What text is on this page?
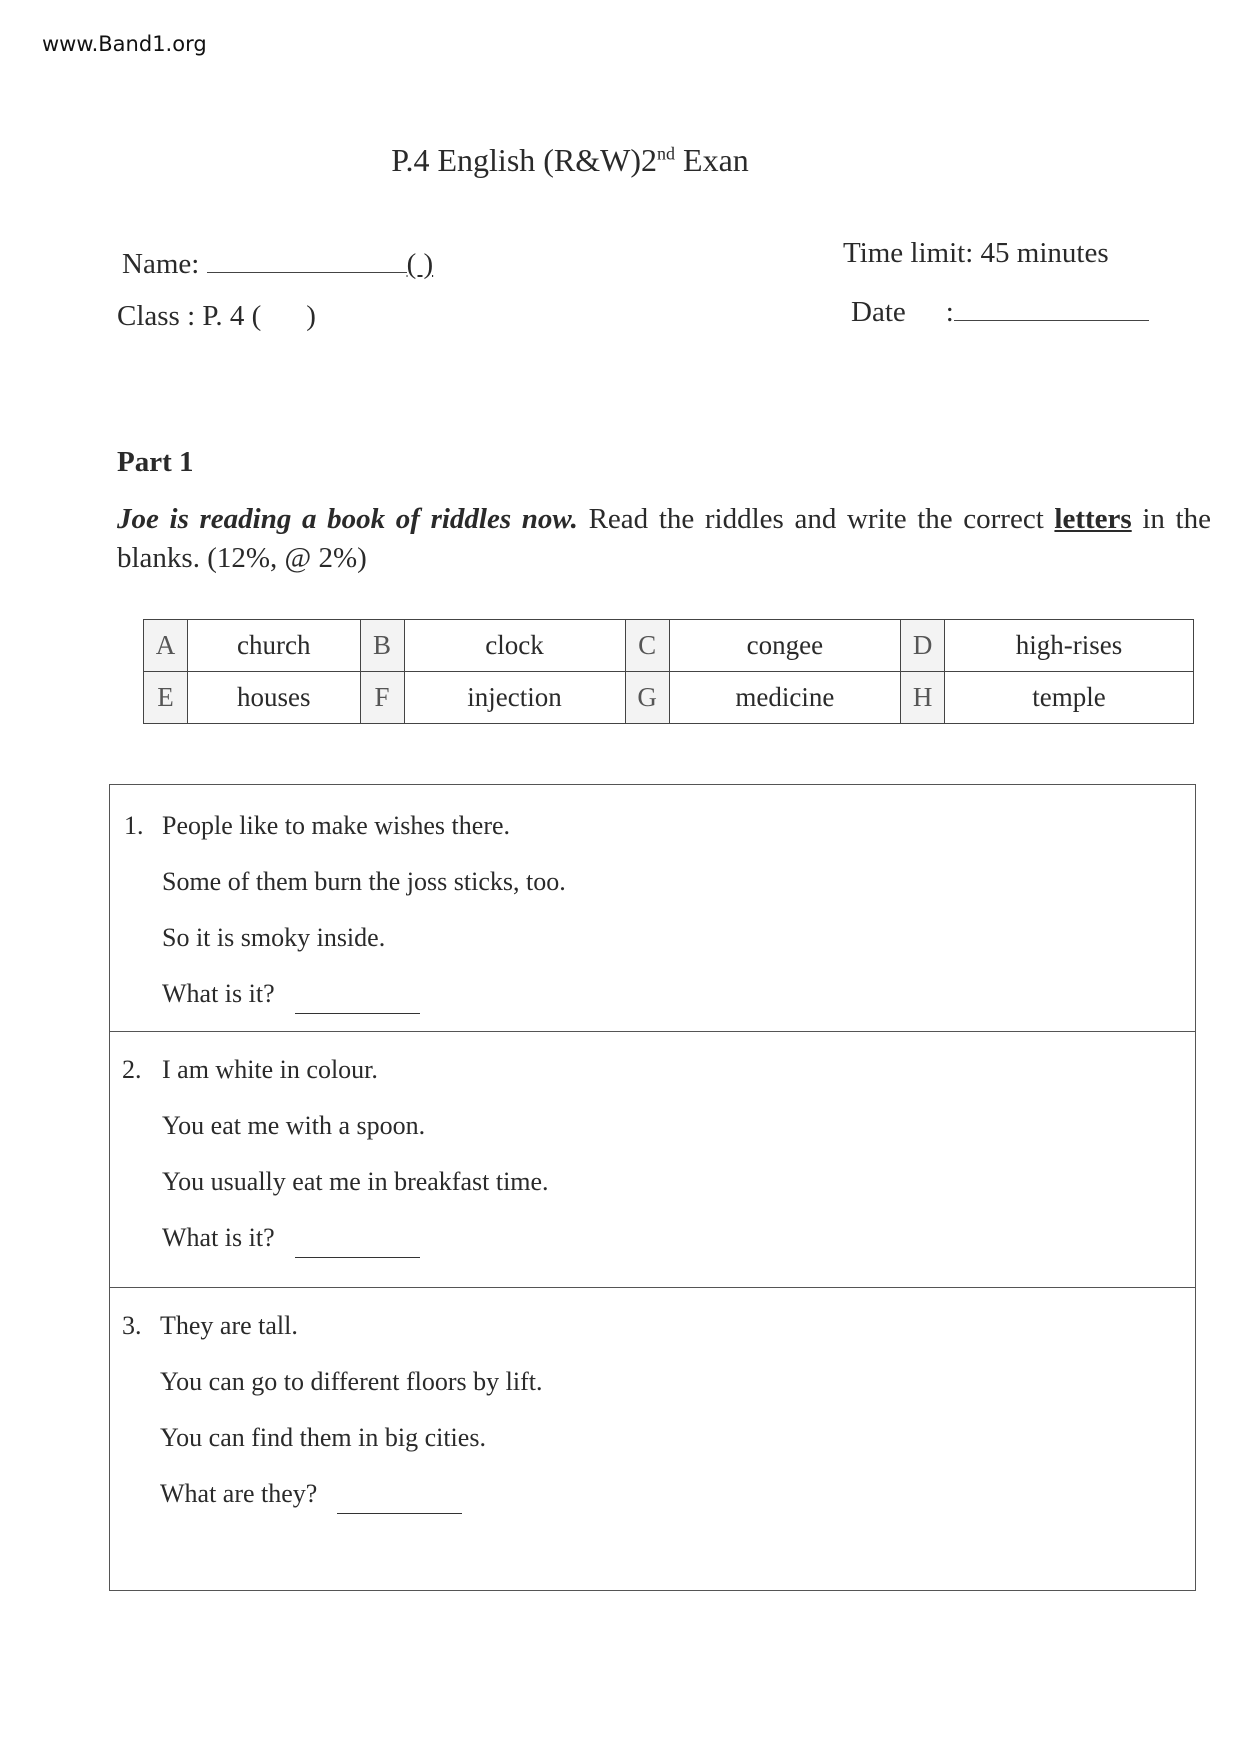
www.Band1.org
P.4 English (R&W)2nd Exan
Name:	( )
Class : P. 4 ( )
Time limit: 45 minutes
Date :
Part 1
Joe is reading a book of riddles now. Read the riddles and write the correct letters in the blanks. (12%, @ 2%)
A	church	B	clock	C	congee	D	high-rises
E	houses	F	injection	G	medicine	H	temple
1. People like to make wishes there.
Some of them burn the joss sticks, too.
So it is smoky inside.
What is it?
2. I am white in colour.
You eat me with a spoon.
You usually eat me in breakfast time.
What is it?
3. They are tall.
You can go to different floors by lift.
You can find them in big cities.
What are they?
